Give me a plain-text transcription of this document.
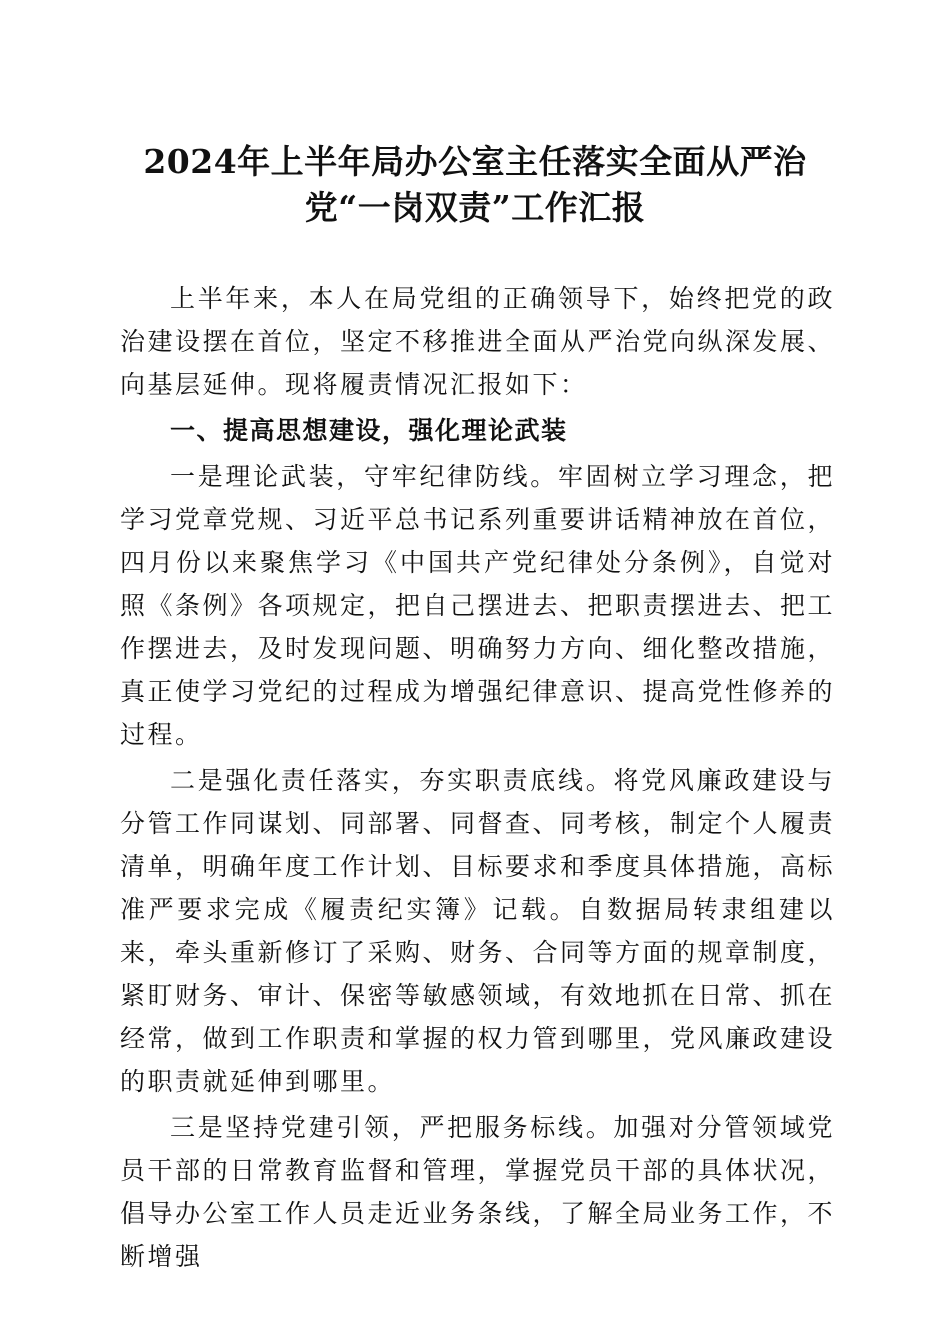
2024年上半年局办公室主任落实全面从严治
党“一岗双责”工作汇报

上半年来，本人在局党组的正确领导下，始终把党的政治建设摆在首位，坚定不移推进全面从严治党向纵深发展、向基层延伸。现将履责情况汇报如下：

一、提高思想建设，强化理论武装

一是理论武装，守牢纪律防线。牢固树立学习理念，把学习党章党规、习近平总书记系列重要讲话精神放在首位，四月份以来聚焦学习《中国共产党纪律处分条例》，自觉对照《条例》各项规定，把自己摆进去、把职责摆进去、把工作摆进去，及时发现问题、明确努力方向、细化整改措施，真正使学习党纪的过程成为增强纪律意识、提高党性修养的过程。

二是强化责任落实，夯实职责底线。将党风廉政建设与分管工作同谋划、同部署、同督查、同考核，制定个人履责清单，明确年度工作计划、目标要求和季度具体措施，高标准严要求完成《履责纪实簿》记载。自数据局转隶组建以来，牵头重新修订了采购、财务、合同等方面的规章制度，紧盯财务、审计、保密等敏感领域，有效地抓在日常、抓在经常，做到工作职责和掌握的权力管到哪里，党风廉政建设的职责就延伸到哪里。

三是坚持党建引领，严把服务标线。加强对分管领域党员干部的日常教育监督和管理，掌握党员干部的具体状况，倡导办公室工作人员走近业务条线，了解全局业务工作，不断增强
